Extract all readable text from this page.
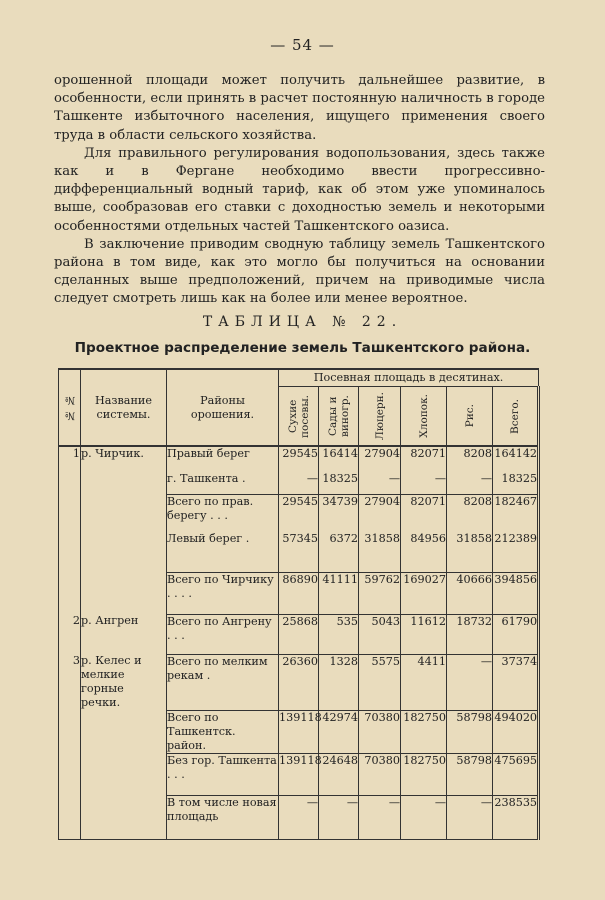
— 54 —

орошенной площади может получить дальнейшее развитие, в особенности, если принять в расчет постоянную наличность в городе Ташкенте избыточного населения, ищущего применения своего труда в области сельского хозяйства.

Для правильного регулирования водопользования, здесь также как и в Фергане необходимо ввести прогрессивно-дифференциальный водный тариф, как об этом уже упоминалось выше, сообразовав его ставки с доходностью земель и некоторыми особенностями отдельных частей Ташкентского оазиса.

В заключение приводим сводную таблицу земель Ташкентского района в том виде, как это могло бы получиться на основании сделанных выше предположений, причем на приводимые числа следует смотреть лишь как на более или менее вероятное.

ТАБЛИЦА № 22.
Проектное распределение земель Ташкентского района.
№ №	Название системы.	Районы орошения.	Посевная площадь в десятинах.					

			Сухие посевы.	Сады и виногр.	Люцерн.	Хлопок.	Рис.	Всего.

1	р. Чирчик.	Правый берег	29545	16414	27904	82071	8208	164142
		г. Ташкента .	—	18325	—	—	—	18325
		Всего по прав. берегу . . .	29545	34739	27904	82071	8208	182467
		Левый берег .	57345	6372	31858	84956	31858	212389
		Всего по Чирчику . . . .	86890	41111	59762	169027	40666	394856
2	р. Ангрен	Всего по Ангрену . . .	25868	535	5043	11612	18732	61790
3	р. Келес и мелкие горные речки.	Всего по мелким рекам .	26360	1328	5575	4411	—	37374
		Всего по Ташкентск. район.	139118	42974	70380	182750	58798	494020
		Без гор. Ташкента . . .	139118	24648	70380	182750	58798	475695
		В том числе новая площадь	—	—	—	—	—	238535
